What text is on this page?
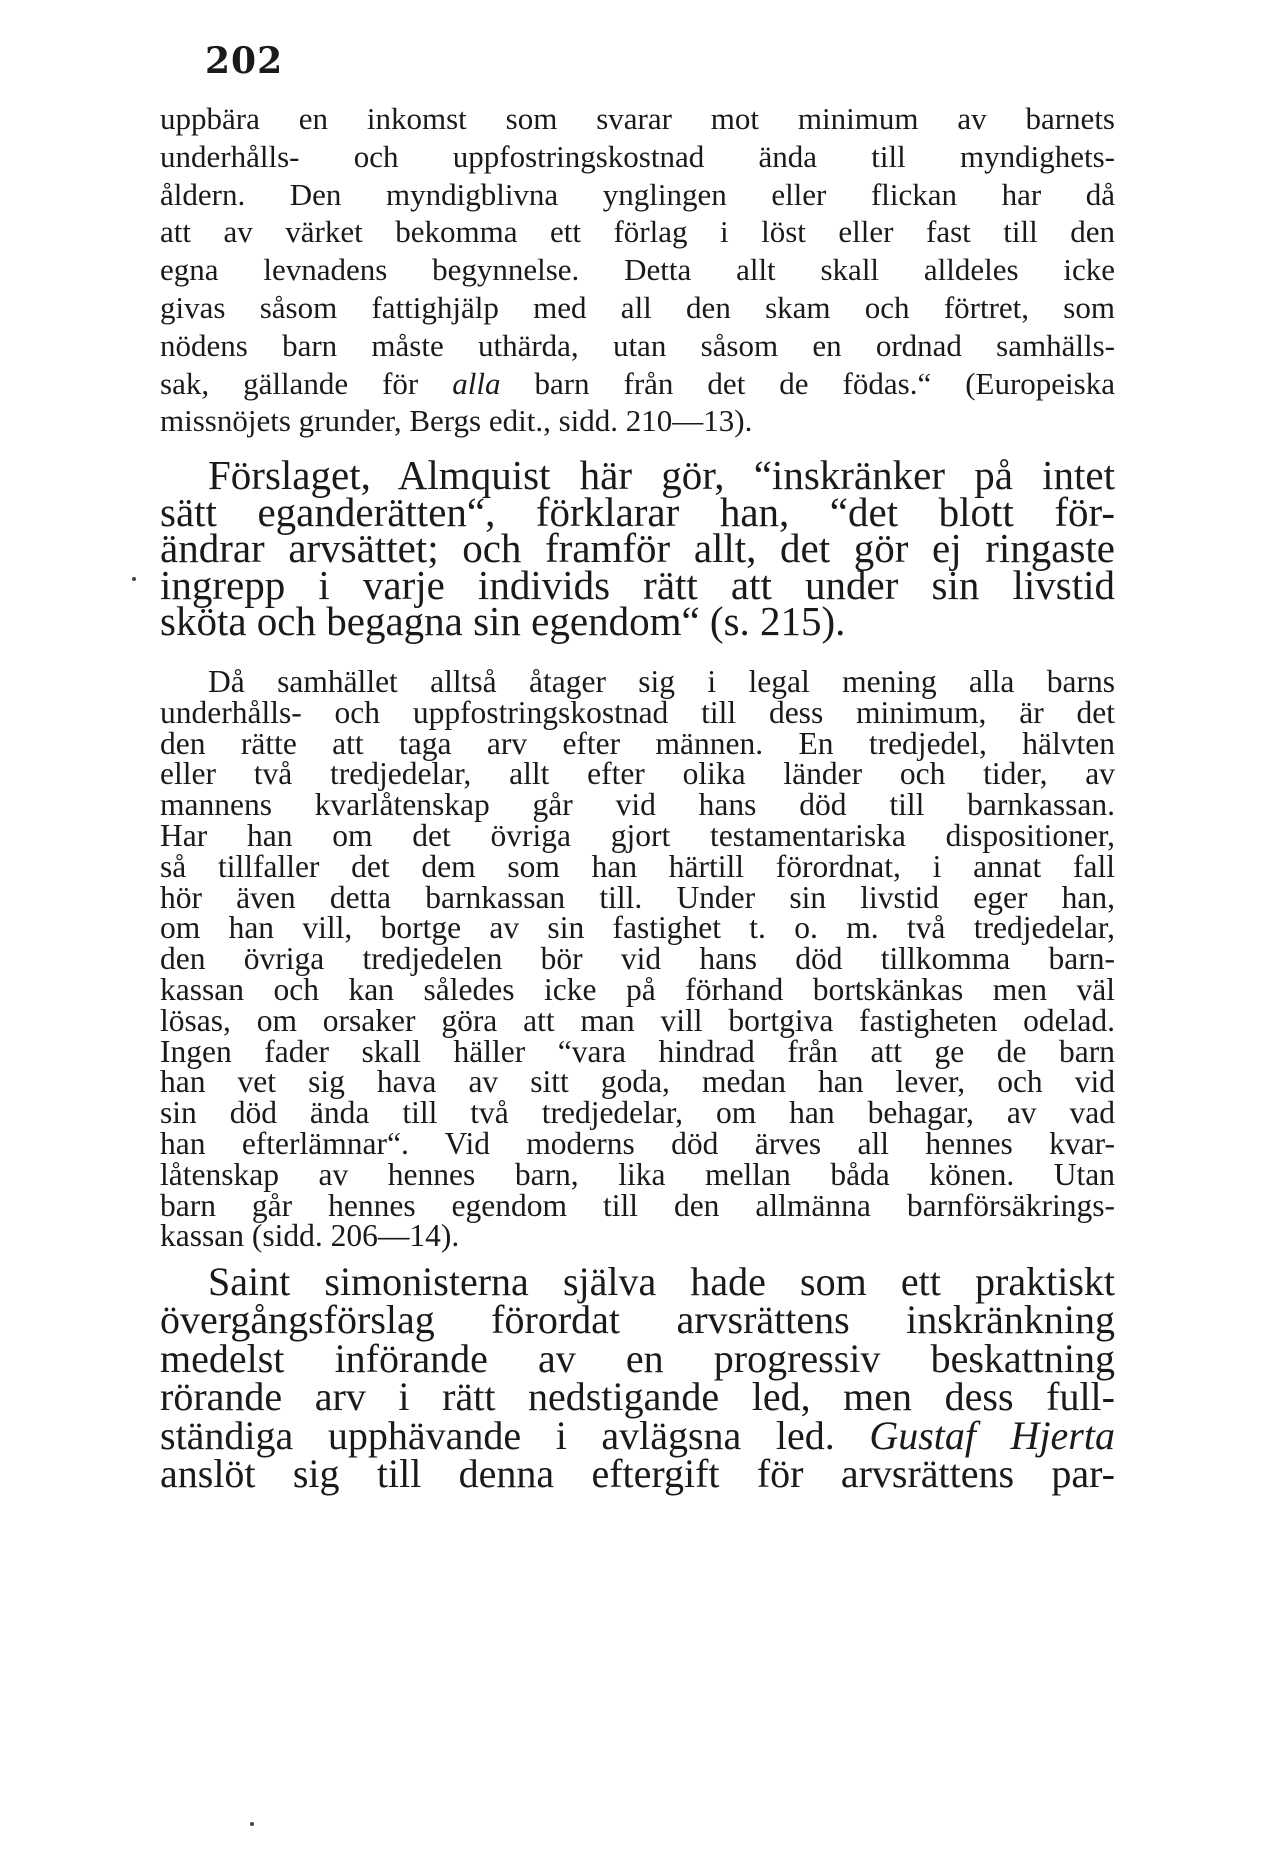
202

uppbära en inkomst som svarar mot minimum av barnets
underhålls- och uppfostringskostnad ända till myndighets-
åldern. Den myndigblivna ynglingen eller flickan har då
att av värket bekomma ett förlag i löst eller fast till den
egna levnadens begynnelse. Detta allt skall alldeles icke
givas såsom fattighjälp med all den skam och förtret, som
nödens barn måste uthärda, utan såsom en ordnad samhälls-
sak, gällande för alla barn från det de födas.“ (Europeiska
missnöjets grunder, Bergs edit., sidd. 210—13).

Förslaget, Almquist här gör, “inskränker på intet
sätt eganderätten“, förklarar han, “det blott för-
ändrar arvsättet; och framför allt, det gör ej ringaste
ingrepp i varje individs rätt att under sin livstid
sköta och begagna sin egendom“ (s. 215).

Då samhället alltså åtager sig i legal mening alla barns
underhålls- och uppfostringskostnad till dess minimum, är det
den rätte att taga arv efter männen. En tredjedel, hälvten
eller två tredjedelar, allt efter olika länder och tider, av
mannens kvarlåtenskap går vid hans död till barnkassan.
Har han om det övriga gjort testamentariska dispositioner,
så tillfaller det dem som han härtill förordnat, i annat fall
hör även detta barnkassan till. Under sin livstid eger han,
om han vill, bortge av sin fastighet t. o. m. två tredjedelar,
den övriga tredjedelen bör vid hans död tillkomma barn-
kassan och kan således icke på förhand bortskänkas men väl
lösas, om orsaker göra att man vill bortgiva fastigheten odelad.
Ingen fader skall häller “vara hindrad från att ge de barn
han vet sig hava av sitt goda, medan han lever, och vid
sin död ända till två tredjedelar, om han behagar, av vad
han efterlämnar“. Vid moderns död ärves all hennes kvar-
låtenskap av hennes barn, lika mellan båda könen. Utan
barn går hennes egendom till den allmänna barnförsäkrings-
kassan (sidd. 206—14).

Saint simonisterna själva hade som ett praktiskt
övergångsförslag förordat arvsrättens inskränkning
medelst införande av en progressiv beskattning
rörande arv i rätt nedstigande led, men dess full-
ständiga upphävande i avlägsna led. Gustaf Hjerta
anslöt sig till denna eftergift för arvsrättens par-
